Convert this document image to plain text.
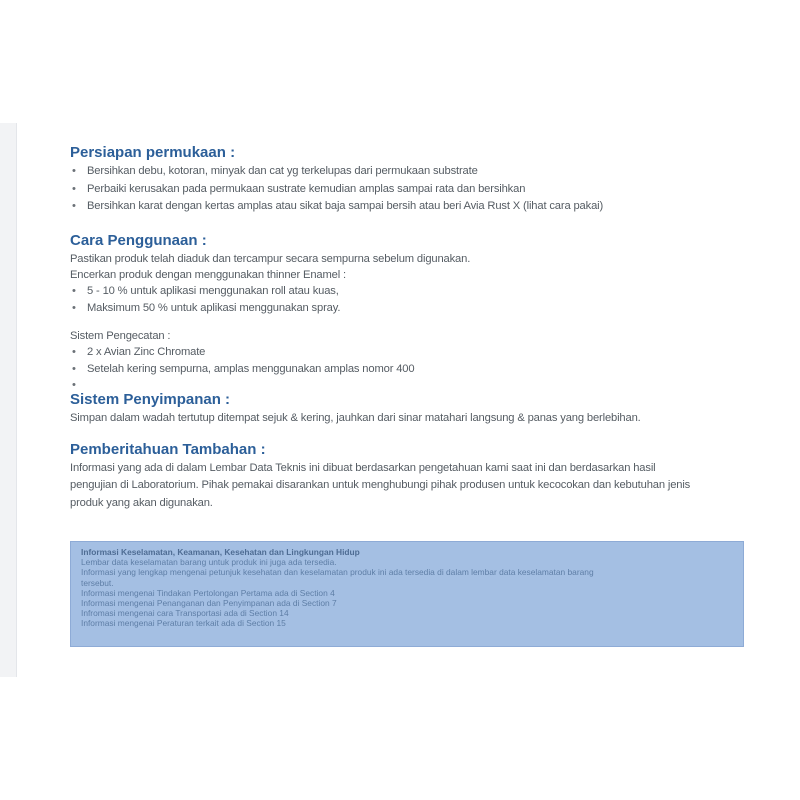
Persiapan permukaan :
• Bersihkan debu, kotoran, minyak dan cat yg terkelupas dari permukaan substrate
• Perbaiki kerusakan pada permukaan sustrate kemudian amplas sampai rata dan bersihkan
• Bersihkan karat dengan kertas amplas atau sikat baja sampai bersih atau beri Avia Rust X (lihat cara pakai)
Cara Penggunaan :

Pastikan produk telah diaduk dan tercampur secara sempurna sebelum digunakan.

Encerkan produk dengan menggunakan thinner Enamel :

• 5 - 10 % untuk aplikasi menggunakan roll atau kuas,
• Maksimum 50 % untuk aplikasi menggunakan spray.

Sistem Pengecatan :

• 2 x Avian Zinc Chromate
• Setelah kering sempurna, amplas menggunakan amplas nomor 400
•
Sistem Penyimpanan :

Simpan dalam wadah tertutup ditempat sejuk & kering, jauhkan dari sinar matahari langsung & panas yang berlebihan.

Pemberitahuan Tambahan :

Informasi yang ada di dalam Lembar Data Teknis ini dibuat berdasarkan pengetahuan kami saat ini dan berdasarkan hasil

pengujian di Laboratorium. Pihak pemakai disarankan untuk menghubungi pihak produsen untuk kecocokan dan kebutuhan jenis

produk yang akan digunakan.

Informasi Keselamatan, Keamanan, Kesehatan dan Lingkungan Hidup
Lembar data keselamatan barang untuk produk ini juga ada tersedia.
Informasi yang lengkap mengenai petunjuk kesehatan dan keselamatan produk ini ada tersedia di dalam lembar data keselamatan barang
tersebut.
Informasi mengenai Tindakan Pertolongan Pertama ada di Section 4
Informasi mengenai Penanganan dan Penyimpanan ada di Section 7
Infromasi mengenai cara Transportasi ada di Section 14
Informasi mengenai Peraturan terkait ada di Section 15
